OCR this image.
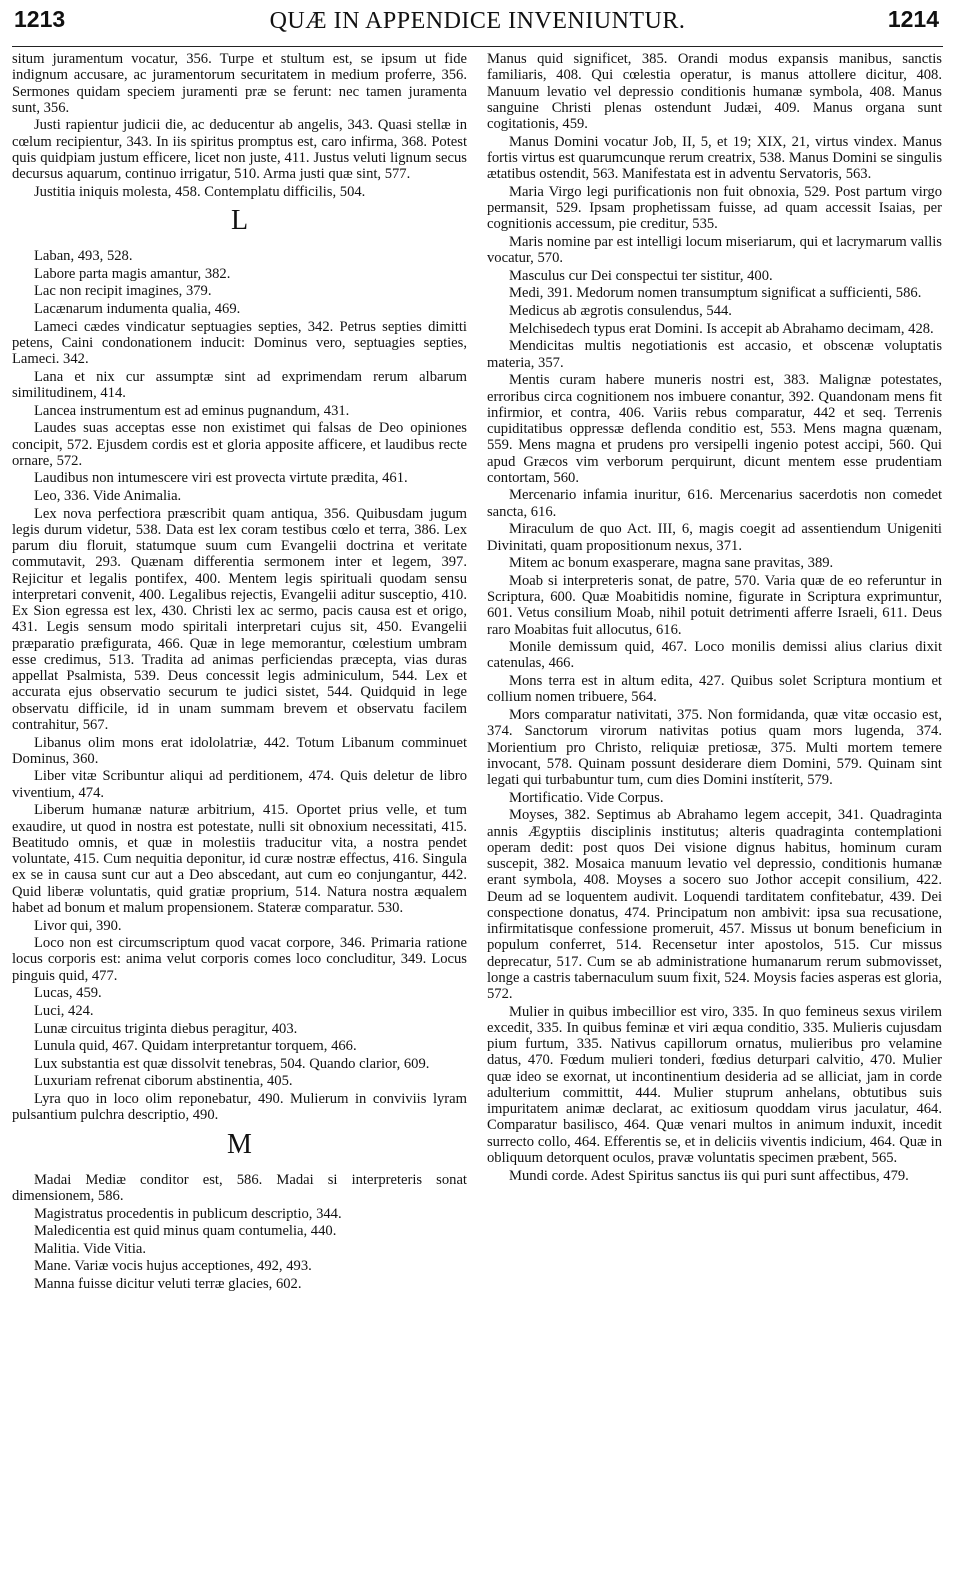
1213	QUÆ IN APPENDICE INVENIUNTUR.	1214
situm juramentum vocatur, 356. Turpe et stultum est, se ipsum ut fide indignum accusare, ac juramentorum securitatem in medium proferre, 356. Sermones quidam speciem juramenti præ se ferunt: nec tamen juramenta sunt, 356.
Justi rapientur judicii die, ac deducentur ab angelis, 343. Quasi stellæ in cœlum recipientur, 343. In iis spiritus promptus est, caro infirma, 368. Potest quis quidpiam justum efficere, licet non juste, 411. Justus veluti lignum secus decursus aquarum, continuo irrigatur, 510. Arma justi quæ sint, 577.
Justitia iniquis molesta, 458. Contemplatu difficilis, 504.
L
Laban, 493, 528.
Labore parta magis amantur, 382.
Lac non recipit imagines, 379.
Lacænarum indumenta qualia, 469.
Lameci cædes vindicatur septuagies septies, 342. Petrus septies dimitti petens, Caini condonationem inducit: Dominus vero, septuagies septies, Lameci. 342.
Lana et nix cur assumptæ sint ad exprimendam rerum albarum similitudinem, 414.
Lancea instrumentum est ad eminus pugnandum, 431.
Laudes suas acceptas esse non existimet qui falsas de Deo opiniones concipit, 572. Ejusdem cordis est et gloria apposite afficere, et laudibus recte ornare, 572.
Laudibus non intumescere viri est provecta virtute prædita, 461.
Leo, 336. Vide Animalia.
Lex nova perfectiora præscribit quam antiqua, 356. Quibusdam jugum legis durum videtur, 538. Data est lex coram testibus cœlo et terra, 386. Lex parum diu floruit, statumque suum cum Evangelii doctrina et veritate commutavit, 293. Quænam differentia sermonem inter et legem, 397. Rejicitur et legalis pontifex, 400. Mentem legis spirituali quodam sensu interpretari convenit, 400. Legalibus rejectis, Evangelii aditur susceptio, 410. Ex Sion egressa est lex, 430. Christi lex ac sermo, pacis causa est et origo, 431. Legis sensum modo spiritali interpretari cujus sit, 450. Evangelii præparatio præfigurata, 466. Quæ in lege memorantur, cœlestium umbram esse credimus, 513. Tradita ad animas perficiendas præcepta, vias duras appellat Psalmista, 539. Deus concessit legis adminiculum, 544. Lex et accurata ejus observatio securum te judici sistet, 544. Quidquid in lege observatu difficile, id in unam summam brevem et observatu facilem contrahitur, 567.
Libanus olim mons erat idololatriæ, 442. Totum Libanum comminuet Dominus, 360.
Liber vitæ Scribuntur aliqui ad perditionem, 474. Quis deletur de libro viventium, 474.
Liberum humanæ naturæ arbitrium, 415. Oportet prius velle, et tum exaudire, ut quod in nostra est potestate, nulli sit obnoxium necessitati, 415. Beatitudo omnis, et quæ in molestiis traducitur vita, a nostra pendet voluntate, 415. Cum nequitia deponitur, id curæ nostræ effectus, 416. Singula ex se in causa sunt cur aut a Deo abscedant, aut cum eo conjungantur, 442. Quid liberæ voluntatis, quid gratiæ proprium, 514. Natura nostra æqualem habet ad bonum et malum propensionem. Stateræ comparatur. 530.
Livor qui, 390.
Loco non est circumscriptum quod vacat corpore, 346. Primaria ratione locus corporis est: anima velut corporis comes loco concluditur, 349. Locus pinguis quid, 477.
Lucas, 459.
Luci, 424.
Lunæ circuitus triginta diebus peragitur, 403.
Lunula quid, 467. Quidam interpretantur torquem, 466.
Lux substantia est quæ dissolvit tenebras, 504. Quando clarior, 609.
Luxuriam refrenat ciborum abstinentia, 405.
Lyra quo in loco olim reponebatur, 490. Mulierum in conviviis lyram pulsantium pulchra descriptio, 490.
M
Madai Mediæ conditor est, 586. Madai si interpreteris sonat dimensionem, 586.
Magistratus procedentis in publicum descriptio, 344.
Maledicentia est quid minus quam contumelia, 440.
Malitia. Vide Vitia.
Mane. Variæ vocis hujus acceptiones, 492, 493.
Manna fuisse dicitur veluti terræ glacies, 602.
Manus quid significet, 385. Orandi modus expansis manibus, sanctis familiaris, 408. Qui cœlestia operatur, is manus attollere dicitur, 408. Manuum levatio vel depressio conditionis humanæ symbola, 408. Manus sanguine Christi plenas ostendunt Judæi, 409. Manus organa sunt cogitationis, 459.
Manus Domini vocatur Job, II, 5, et 19; XIX, 21, virtus vindex. Manus fortis virtus est quarumcunque rerum creatrix, 538. Manus Domini se singulis ætatibus ostendit, 563. Manifestata est in adventu Servatoris, 563.
Maria Virgo legi purificationis non fuit obnoxia, 529. Post partum virgo permansit, 529. Ipsam prophetissam fuisse, ad quam accessit Isaias, per cognitionis accessum, pie creditur, 535.
Maris nomine par est intelligi locum miseriarum, qui et lacrymarum vallis vocatur, 570.
Masculus cur Dei conspectui ter sistitur, 400.
Medi, 391. Medorum nomen transumptum significat a sufficienti, 586.
Medicus ab ægrotis consulendus, 544.
Melchisedech typus erat Domini. Is accepit ab Abrahamo decimam, 428.
Mendicitas multis negotiationis est accasio, et obscenæ voluptatis materia, 357.
Mentis curam habere muneris nostri est, 383. Malignæ potestates, erroribus circa cognitionem nos imbuere conantur, 392. Quandonam mens fit infirmior, et contra, 406. Variis rebus comparatur, 442 et seq. Terrenis cupiditatibus oppressæ deflenda conditio est, 553. Mens magna quænam, 559. Mens magna et prudens pro versipelli ingenio potest accipi, 560. Qui apud Græcos vim verborum perquirunt, dicunt mentem esse prudentiam contortam, 560.
Mercenario infamia inuritur, 616. Mercenarius sacerdotis non comedet sancta, 616.
Miraculum de quo Act. III, 6, magis coegit ad assentiendum Unigeniti Divinitati, quam propositionum nexus, 371.
Mitem ac bonum exasperare, magna sane pravitas, 389.
Moab si interpreteris sonat, de patre, 570. Varia quæ de eo referuntur in Scriptura, 600. Quæ Moabitidis nomine, figurate in Scriptura exprimuntur, 601. Vetus consilium Moab, nihil potuit detrimenti afferre Israeli, 611. Deus raro Moabitas fuit allocutus, 616.
Monile demissum quid, 467. Loco monilis demissi alius clarius dixit catenulas, 466.
Mons terra est in altum edita, 427. Quibus solet Scriptura montium et collium nomen tribuere, 564.
Mors comparatur nativitati, 375. Non formidanda, quæ vitæ occasio est, 374. Sanctorum virorum nativitas potius quam mors lugenda, 374. Morientium pro Christo, reliquiæ pretiosæ, 375. Multi mortem temere invocant, 578. Quinam possunt desiderare diem Domini, 579. Quinam sint legati qui turbabuntur tum, cum dies Domini instíterit, 579.
Mortificatio. Vide Corpus.
Moyses, 382. Septimus ab Abrahamo legem accepit, 341. Quadraginta annis Ægyptiis disciplinis institutus; alteris quadraginta contemplationi operam dedit: post quos Dei visione dignus habitus, hominum curam suscepit, 382. Mosaica manuum levatio vel depressio, conditionis humanæ erant symbola, 408. Moyses a socero suo Jothor accepit consilium, 422. Deum ad se loquentem audivit. Loquendi tarditatem confitebatur, 439. Dei conspectione donatus, 474. Principatum non ambivit: ipsa sua recusatione, infirmitatisque confessione promeruit, 457. Missus ut bonum beneficium in populum conferret, 514. Recensetur inter apostolos, 515. Cur missus deprecatur, 517. Cum se ab administratione humanarum rerum submovisset, longe a castris tabernaculum suum fixit, 524. Moysis facies asperas est gloria, 572.
Mulier in quibus imbecillior est viro, 335. In quo femineus sexus virilem excedit, 335. In quibus feminæ et viri æqua conditio, 335. Mulieris cujusdam pium furtum, 335. Nativus capillorum ornatus, mulieribus pro velamine datus, 470. Fœdum mulieri tonderi, fœdius deturpari calvitio, 470. Mulier quæ ideo se exornat, ut incontinentium desideria ad se alliciat, jam in corde adulterium committit, 444. Mulier stuprum anhelans, obtutibus suis impuritatem animæ declarat, ac exitiosum quoddam virus jaculatur, 464. Comparatur basilisco, 464. Quæ venari multos in animum induxit, incedit surrecto collo, 464. Efferentis se, et in deliciis viventis indicium, 464. Quæ in obliquum detorquent oculos, pravæ voluntatis specimen præbent, 565.
Mundi corde. Adest Spiritus sanctus iis qui puri sunt affectibus, 479.
